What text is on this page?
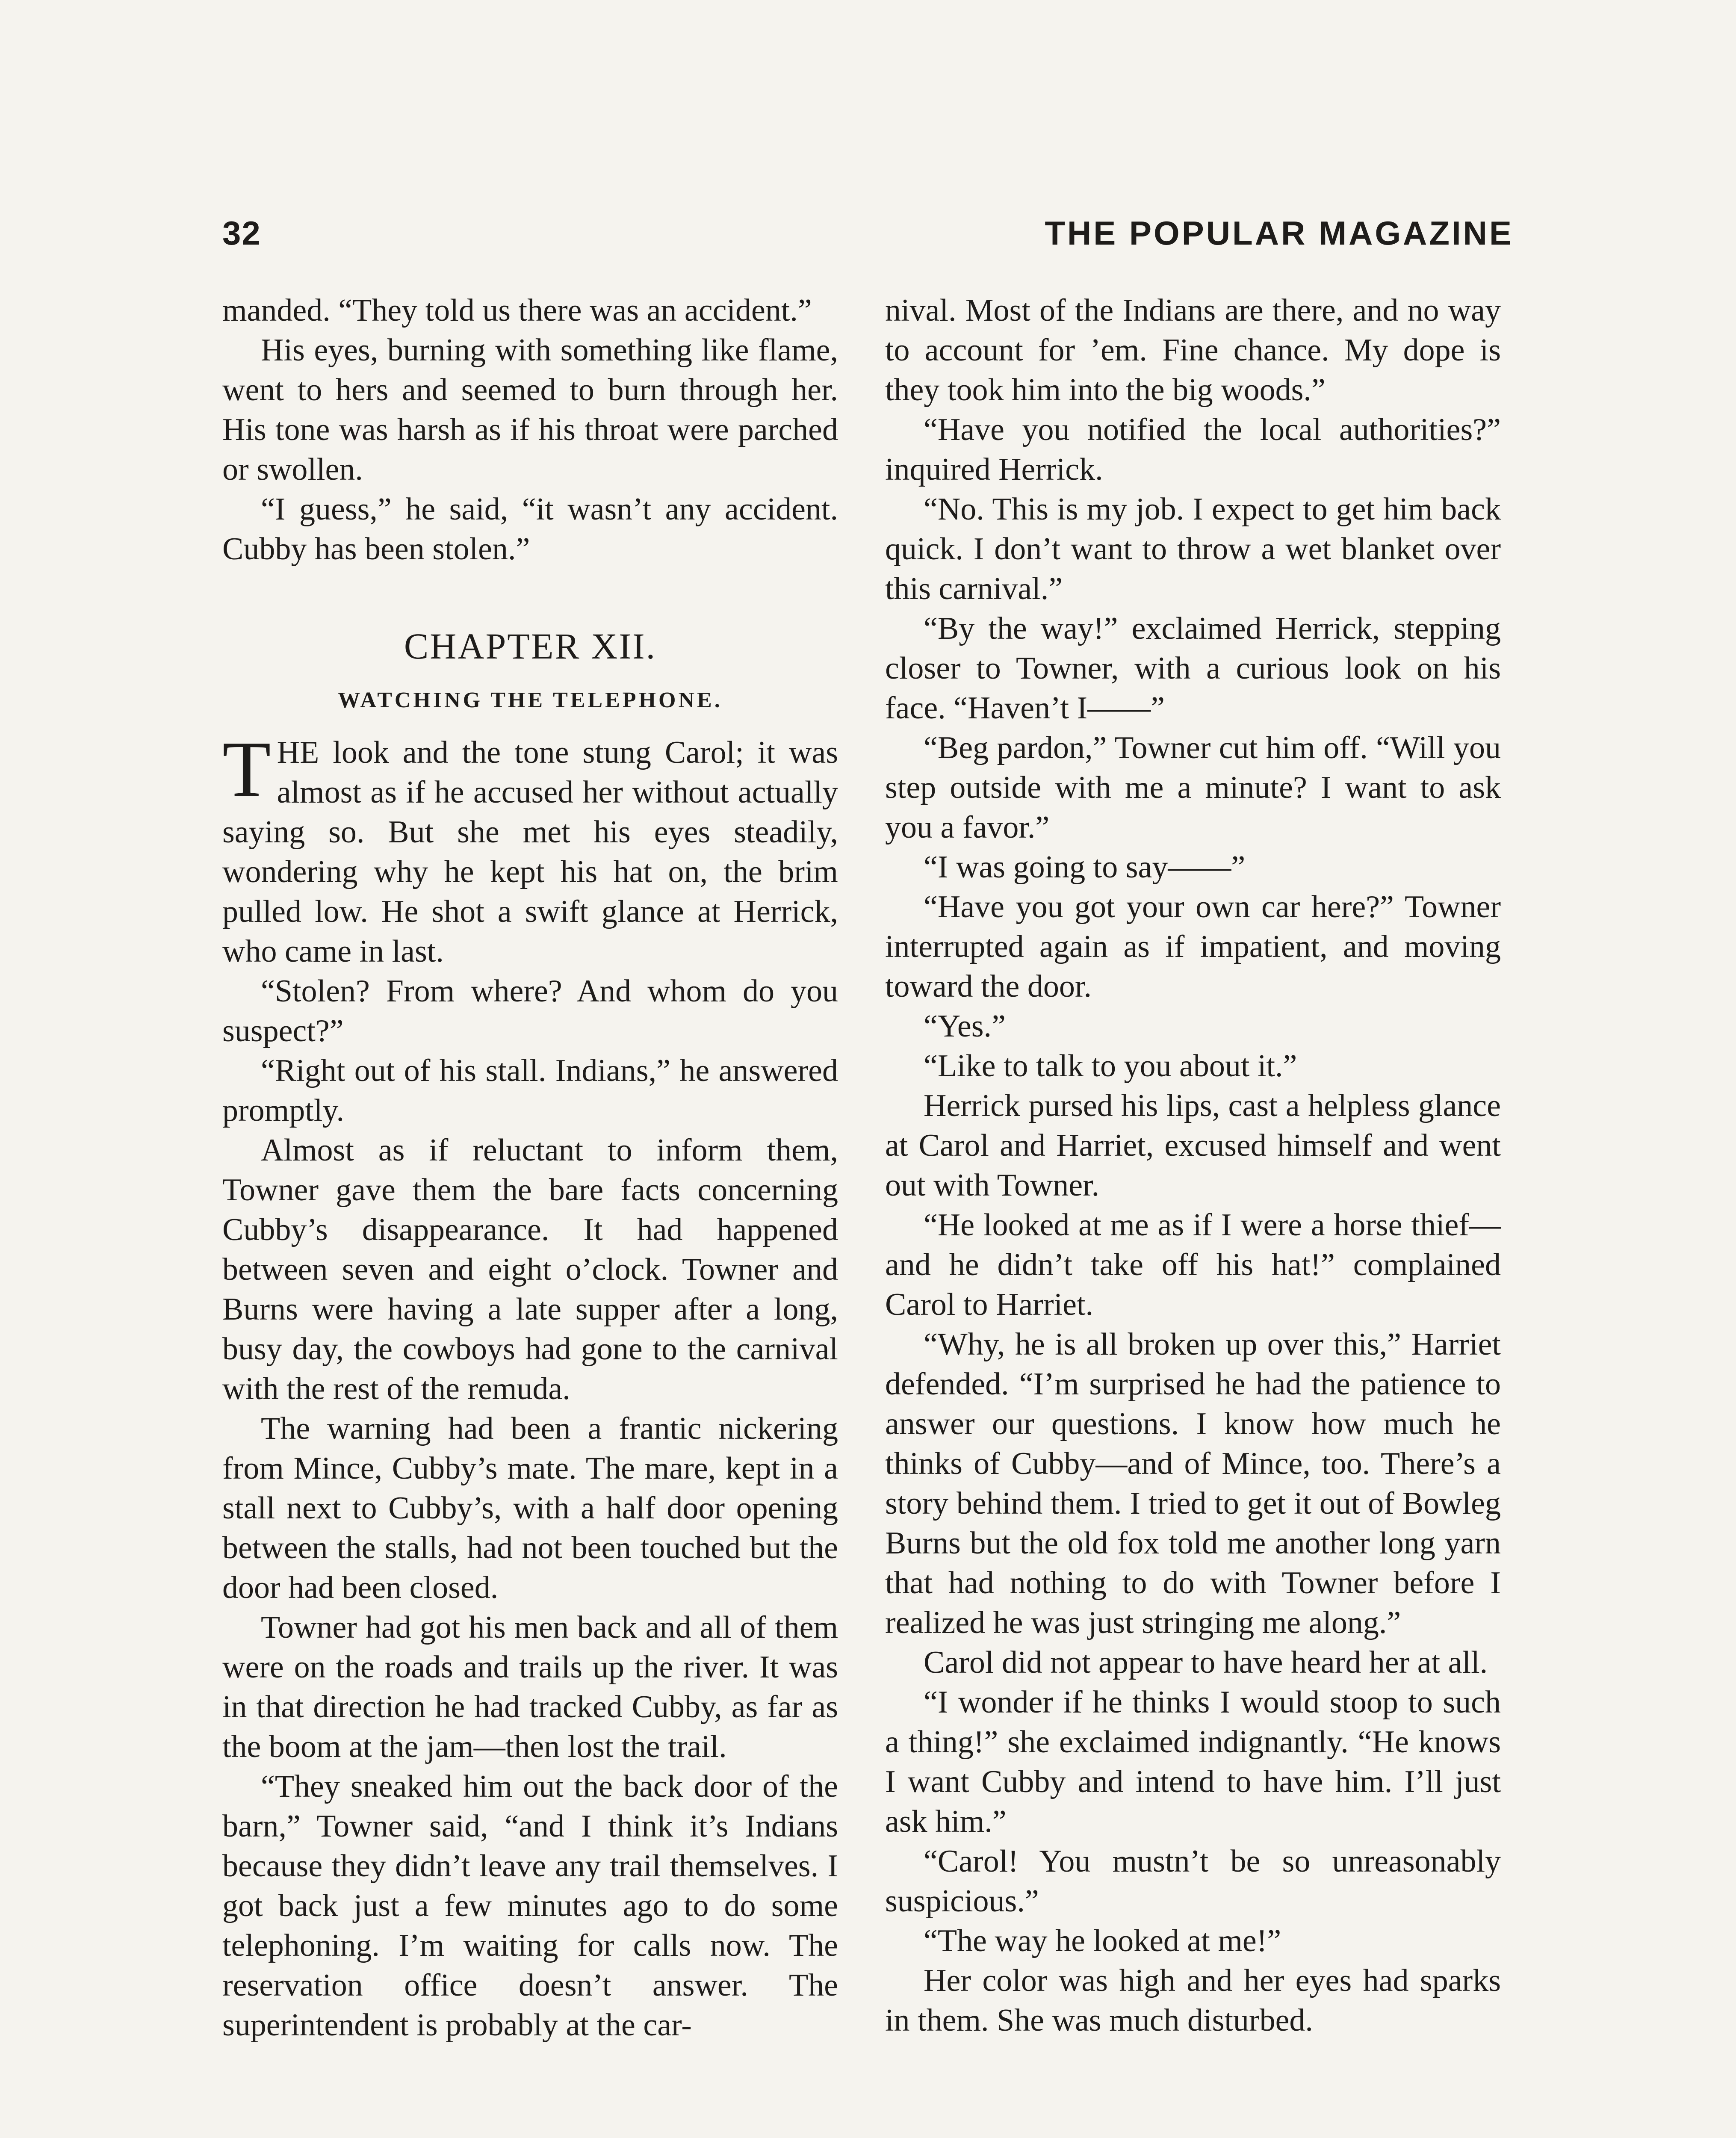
32	THE POPULAR MAGAZINE

manded. “They told us there was an accident.”

His eyes, burning with something like flame, went to hers and seemed to burn through her. His tone was harsh as if his throat were parched or swollen.

“I guess,” he said, “it wasn’t any accident. Cubby has been stolen.”

CHAPTER XII.
WATCHING THE TELEPHONE.

THE look and the tone stung Carol; it was almost as if he accused her without actually saying so. But she met his eyes steadily, wondering why he kept his hat on, the brim pulled low. He shot a swift glance at Herrick, who came in last.

“Stolen? From where? And whom do you suspect?”

“Right out of his stall. Indians,” he answered promptly.

Almost as if reluctant to inform them, Towner gave them the bare facts concerning Cubby’s disappearance. It had happened between seven and eight o’clock. Towner and Burns were having a late supper after a long, busy day, the cowboys had gone to the carnival with the rest of the remuda.

The warning had been a frantic nickering from Mince, Cubby’s mate. The mare, kept in a stall next to Cubby’s, with a half door opening between the stalls, had not been touched but the door had been closed.

Towner had got his men back and all of them were on the roads and trails up the river. It was in that direction he had tracked Cubby, as far as the boom at the jam—then lost the trail.

“They sneaked him out the back door of the barn,” Towner said, “and I think it’s Indians because they didn’t leave any trail themselves. I got back just a few minutes ago to do some telephoning. I’m waiting for calls now. The reservation office doesn’t answer. The superintendent is probably at the car-

nival. Most of the Indians are there, and no way to account for ’em. Fine chance. My dope is they took him into the big woods.”

“Have you notified the local authorities?” inquired Herrick.

“No. This is my job. I expect to get him back quick. I don’t want to throw a wet blanket over this carnival.”

“By the way!” exclaimed Herrick, stepping closer to Towner, with a curious look on his face. “Haven’t I——”

“Beg pardon,” Towner cut him off. “Will you step outside with me a minute? I want to ask you a favor.”

“I was going to say——”

“Have you got your own car here?” Towner interrupted again as if impatient, and moving toward the door.

“Yes.”

“Like to talk to you about it.”

Herrick pursed his lips, cast a helpless glance at Carol and Harriet, excused himself and went out with Towner.

“He looked at me as if I were a horse thief—and he didn’t take off his hat!” complained Carol to Harriet.

“Why, he is all broken up over this,” Harriet defended. “I’m surprised he had the patience to answer our questions. I know how much he thinks of Cubby—and of Mince, too. There’s a story behind them. I tried to get it out of Bowleg Burns but the old fox told me another long yarn that had nothing to do with Towner before I realized he was just stringing me along.”

Carol did not appear to have heard her at all.

“I wonder if he thinks I would stoop to such a thing!” she exclaimed indignantly. “He knows I want Cubby and intend to have him. I’ll just ask him.”

“Carol! You mustn’t be so unreasonably suspicious.”

“The way he looked at me!”

Her color was high and her eyes had sparks in them. She was much disturbed.
